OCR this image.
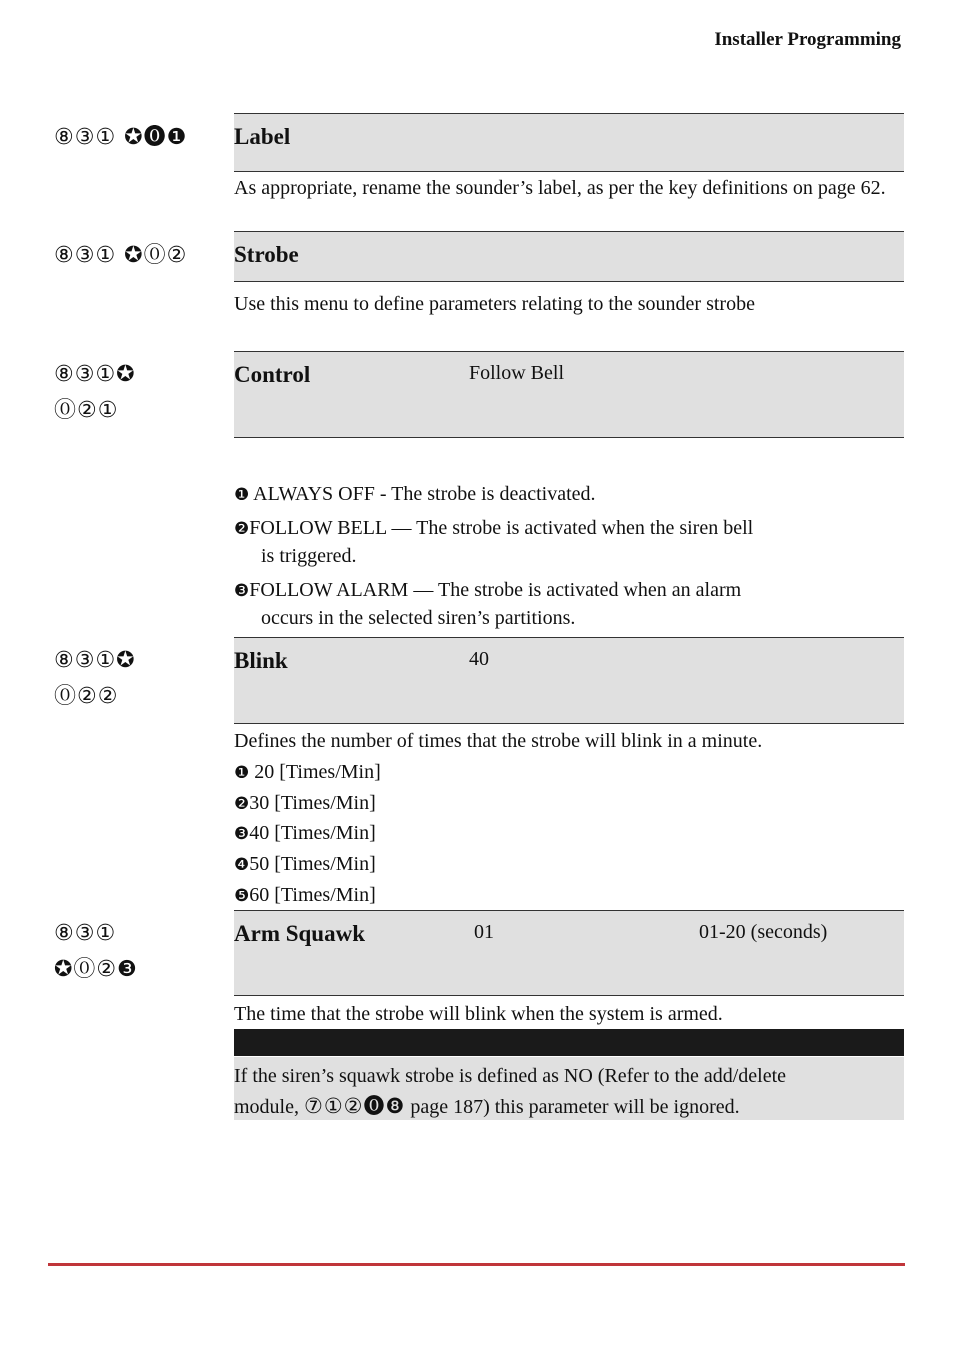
Installer Programming
⑧③① ✪⓿❶ Label
As appropriate, rename the sounder’s label, as per the key definitions on page 62.
⑧③① ✪⓪② Strobe
Use this menu to define parameters relating to the sounder strobe
⑧③①✪
⓪②①
Control	Follow Bell
❶ ALWAYS OFF - The strobe is deactivated.
❷FOLLOW BELL — The strobe is activated when the siren bell
is triggered.
❸FOLLOW ALARM — The strobe is activated when an alarm
occurs in the selected siren’s partitions.
⑧③①✪
⓪②②
Blink	40
Defines the number of times that the strobe will blink in a minute.
❶ 20 [Times/Min]
❷30 [Times/Min]
❸40 [Times/Min]
❹50 [Times/Min]
❺60 [Times/Min]
⑧③①
✪⓪②❸
Arm Squawk	01	01-20 (seconds)
The time that the strobe will blink when the system is armed.
If the siren’s squawk strobe is defined as NO (Refer to the add/delete
module, ⑦①②⓿❽ page 187) this parameter will be ignored.
